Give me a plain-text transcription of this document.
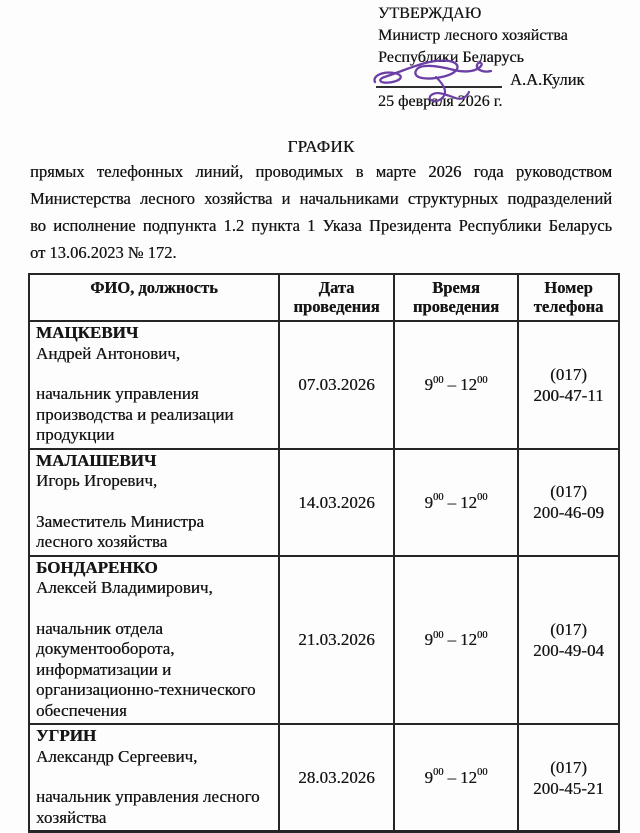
УТВЕРЖДАЮ
Министр лесного хозяйства
Республики Беларусь
А.А.Кулик
25 февраля 2026 г.
ГРАФИК
прямых телефонных линий, проводимых в марте 2026 года руководством
Министерства лесного хозяйства и начальниками структурных подразделений
во исполнение подпункта 1.2 пункта 1 Указа Президента Республики Беларусь
от 13.06.2023 № 172.
ФИО, должность	Дата проведения	Время проведения	Номер телефона

МАЦКЕВИЧ
Андрей Антонович,
начальник управления производства и реализации продукции
	07.03.2026	$9^{00} - 12^{00}$	(017)
200-47-11

МАЛАШЕВИЧ
Игорь Игоревич,
Заместитель Министра лесного хозяйства
	14.03.2026	$9^{00} - 12^{00}$	(017)
200-46-09

БОНДАРЕНКО
Алексей Владимирович,
начальник отдела документооборота, информатизации и организационно-технического обеспечения
	21.03.2026	$9^{00} - 12^{00}$	(017)
200-49-04

УГРИН
Александр Сергеевич,
начальник управления лесного хозяйства
	28.03.2026	$9^{00} - 12^{00}$	(017)
200-45-21
